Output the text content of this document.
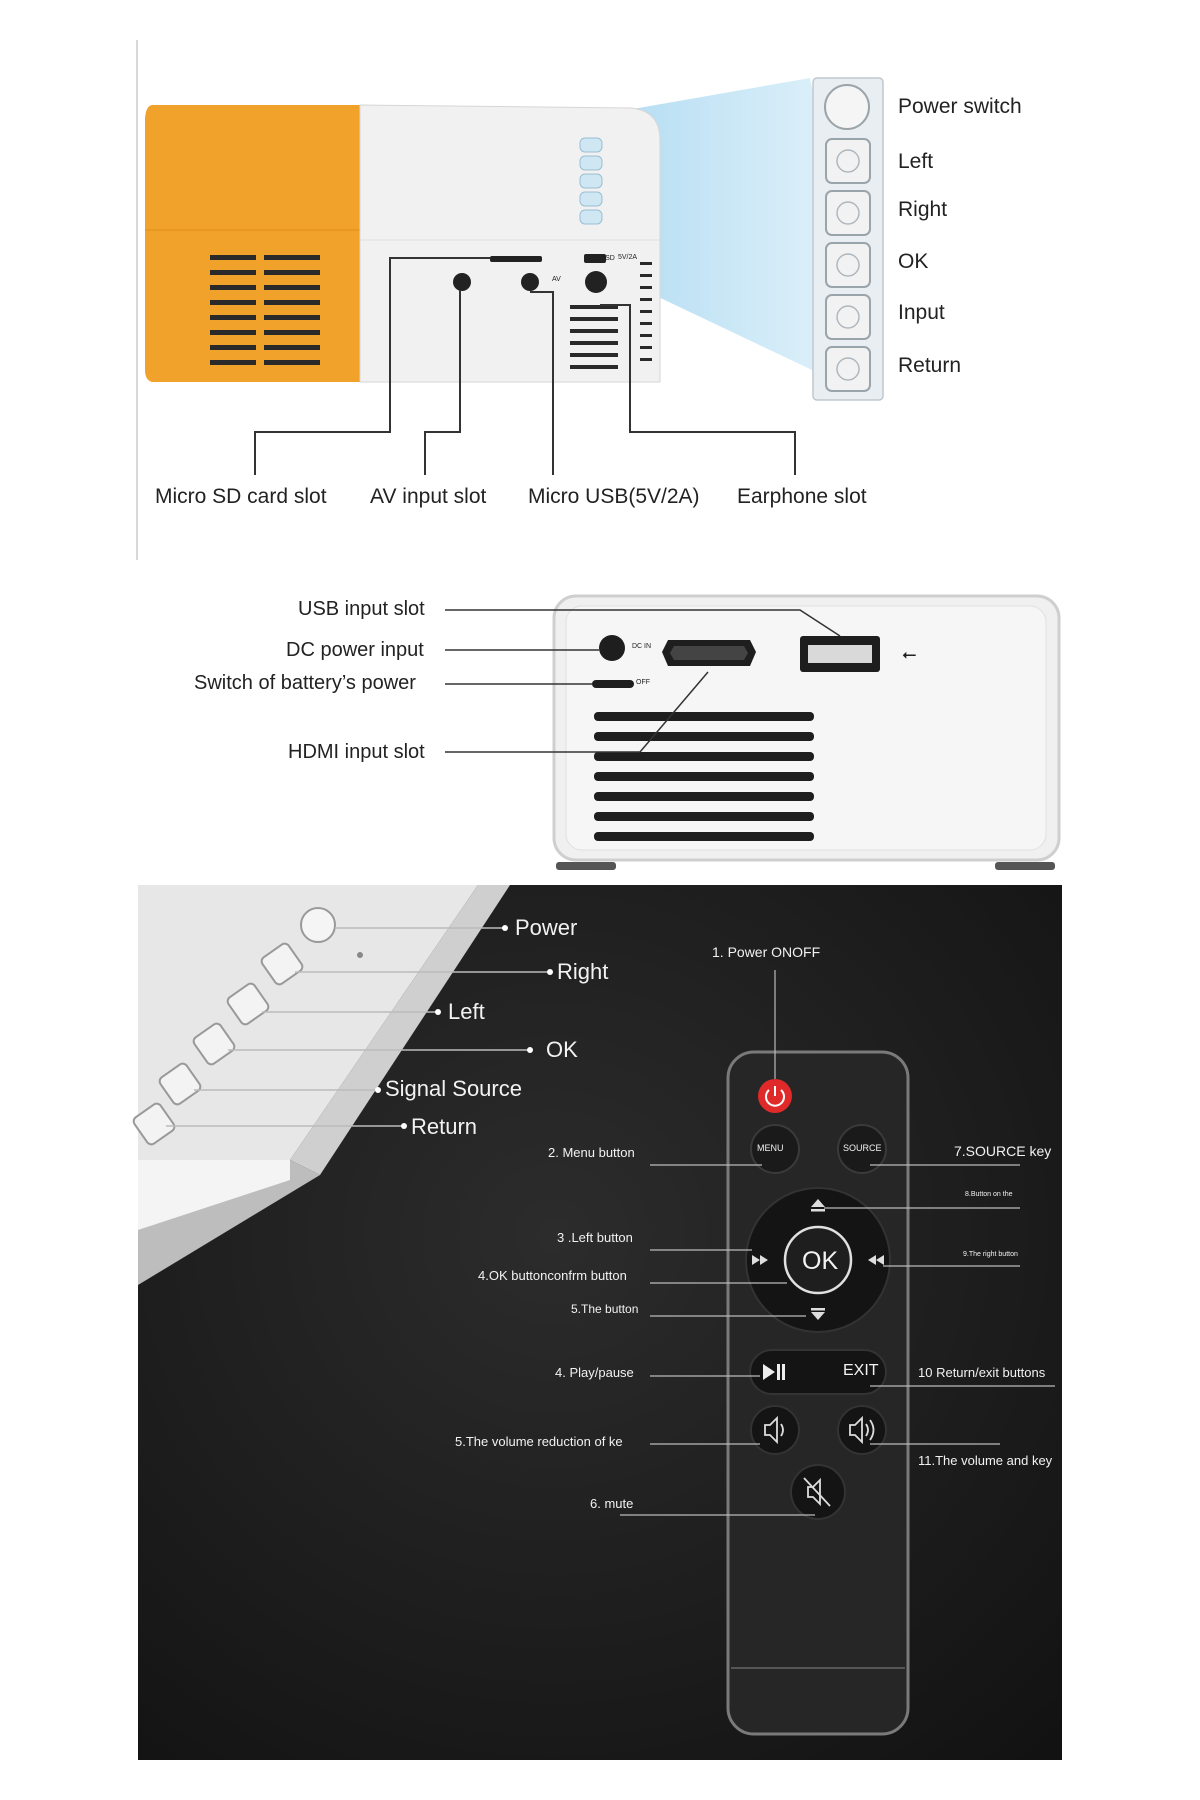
MicroSD
AV
5V/2A
Power switch
Left
Right
OK
Input
Return
Micro SD card slot AV input slot Micro USB(5V/2A) Earphone slot
⭠
DC IN
OFF
USB input slot
DC power input
Switch of battery’s power
HDMI input slot
Power
Right
Left
OK
Signal Source
Return
MENU	SOURCE
OK
EXIT
1. Power ONOFF
2. Menu button
3 .Left button
4.OK buttonconfrm button
5.The button
4. Play/pause
5.The volume reduction of ke
6. mute
7.SOURCE key
8.Button on the
9.The right button
10 Return/exit buttons
11.The volume and key
